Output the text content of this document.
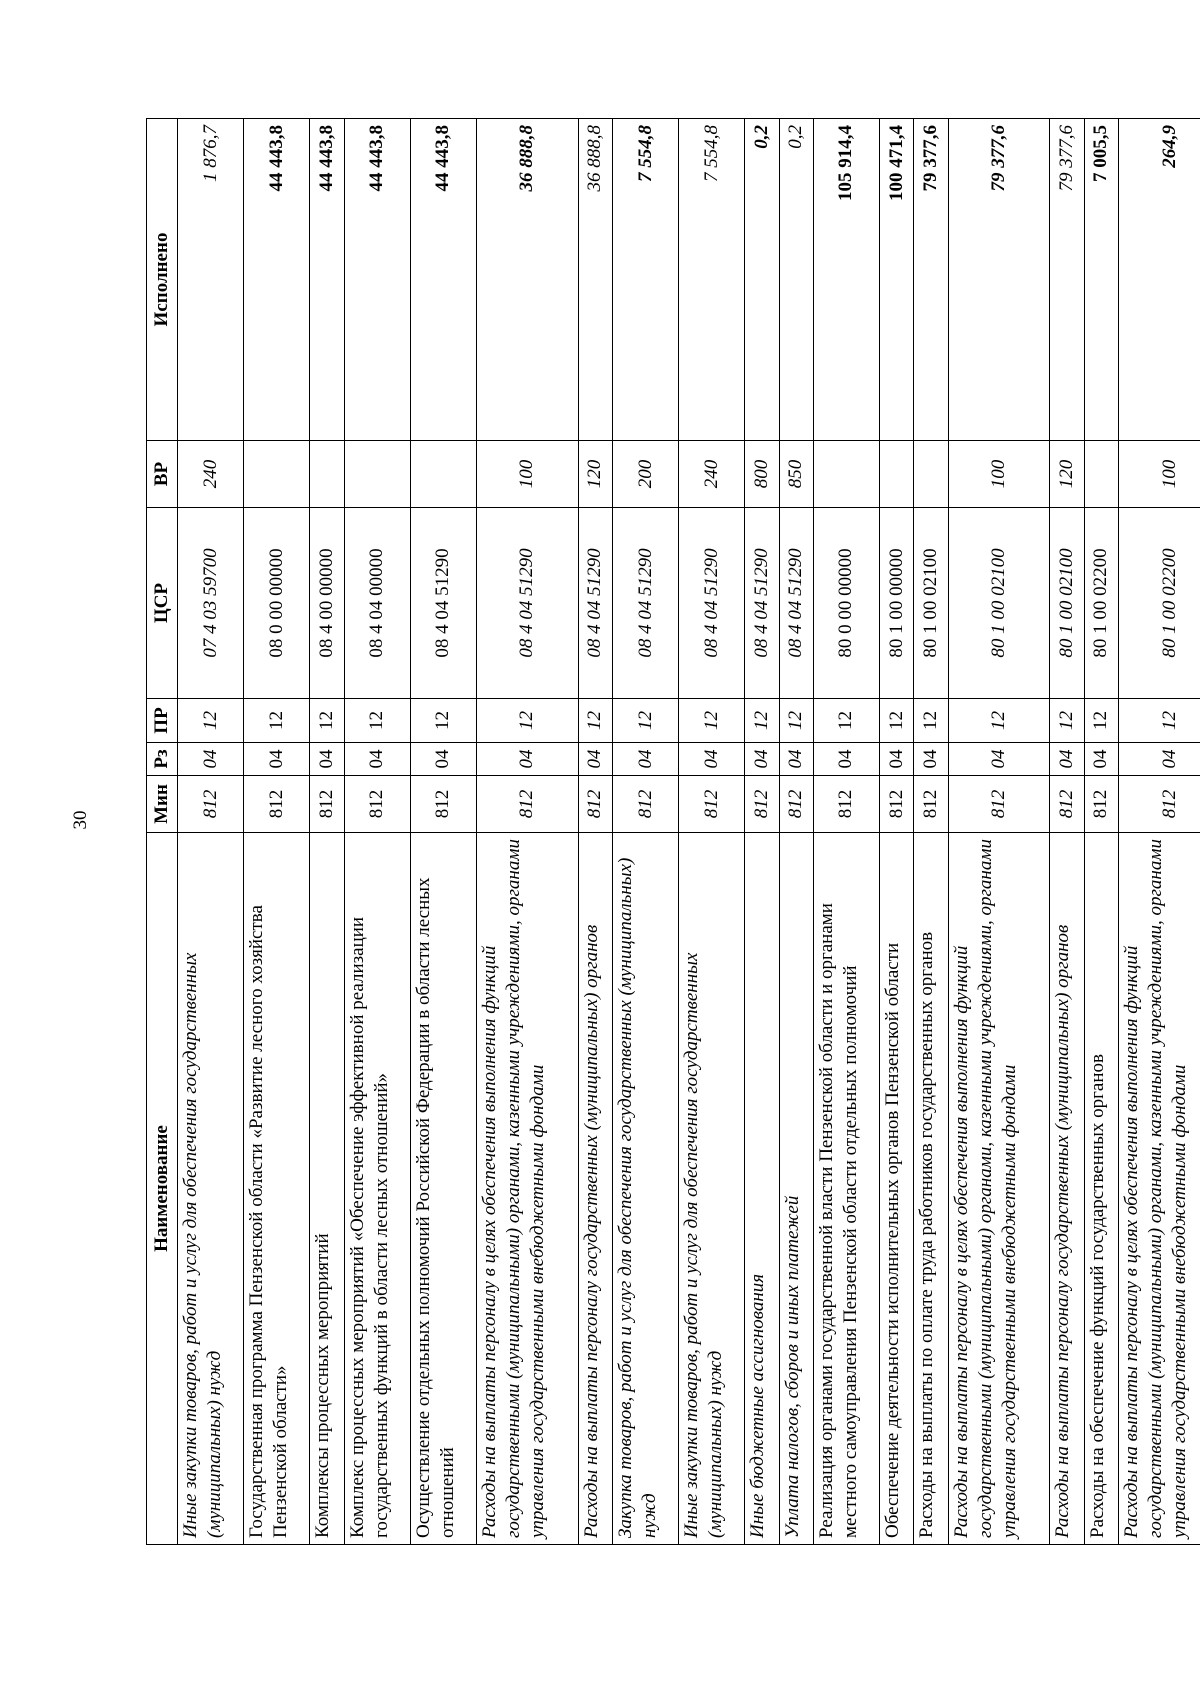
30
Наименование	Мин	Рз	ПР	ЦСР	ВР	Исполнено
Иные закупки товаров, работ и услуг для обеспечения государственных (муниципальных) нужд	812	04	12	07 4 03 59700	240	1 876,7
Государственная программа Пензенской области «Развитие лесного хозяйства Пензенской области»	812	04	12	08 0 00 00000		44 443,8
Комплексы процессных мероприятий	812	04	12	08 4 00 00000		44 443,8
Комплекс процессных мероприятий «Обеспечение эффективной реализации государственных функций в области лесных отношений»	812	04	12	08 4 04 00000		44 443,8
Осуществление отдельных полномочий Российской Федерации в области лесных отношений	812	04	12	08 4 04 51290		44 443,8
Расходы на выплаты персоналу в целях обеспечения выполнения функций государственными (муниципальными) органами, казенными учреждениями, органами управления государственными внебюджетными фондами	812	04	12	08 4 04 51290	100	36 888,8
Расходы на выплаты персоналу государственных (муниципальных) органов	812	04	12	08 4 04 51290	120	36 888,8
Закупка товаров, работ и услуг для обеспечения государственных (муниципальных) нужд	812	04	12	08 4 04 51290	200	7 554,8
Иные закупки товаров, работ и услуг для обеспечения государственных (муниципальных) нужд	812	04	12	08 4 04 51290	240	7 554,8
Иные бюджетные ассигнования	812	04	12	08 4 04 51290	800	0,2
Уплата налогов, сборов и иных платежей	812	04	12	08 4 04 51290	850	0,2
Реализация органами государственной власти Пензенской области и органами местного самоуправления Пензенской области отдельных полномочий	812	04	12	80 0 00 00000		105 914,4
Обеспечение деятельности исполнительных органов Пензенской области	812	04	12	80 1 00 00000		100 471,4
Расходы на выплаты по оплате труда работников государственных органов	812	04	12	80 1 00 02100		79 377,6
Расходы на выплаты персоналу в целях обеспечения выполнения функций государственными (муниципальными) органами, казенными учреждениями, органами управления государственными внебюджетными фондами	812	04	12	80 1 00 02100	100	79 377,6
Расходы на выплаты персоналу государственных (муниципальных) органов	812	04	12	80 1 00 02100	120	79 377,6
Расходы на обеспечение функций государственных органов	812	04	12	80 1 00 02200		7 005,5
Расходы на выплаты персоналу в целях обеспечения выполнения функций государственными (муниципальными) органами, казенными учреждениями, органами управления государственными внебюджетными фондами	812	04	12	80 1 00 02200	100	264,9
